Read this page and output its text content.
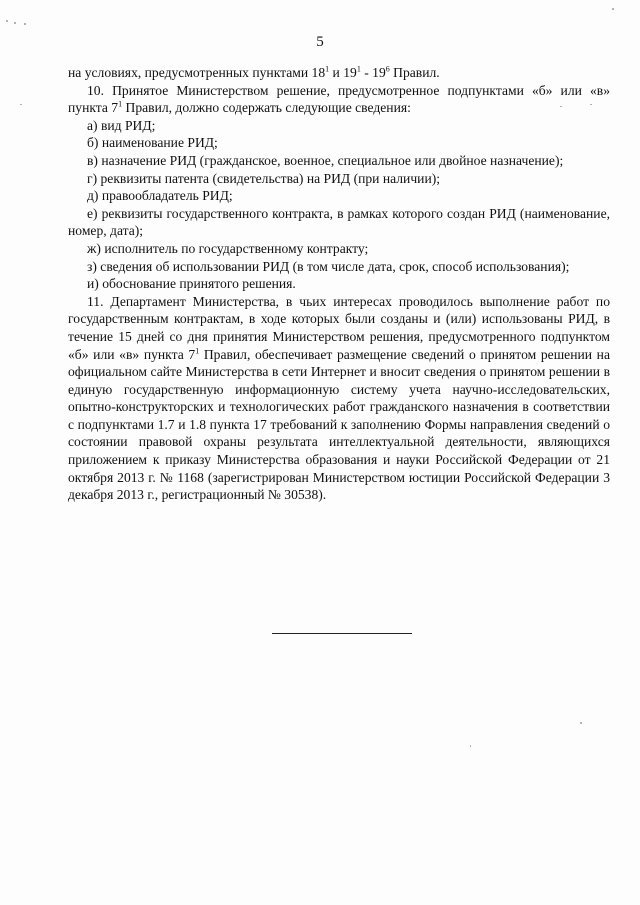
5

на условиях, предусмотренных пунктами $18^1$ и $19^1 - 19^6$ Правил.

10. Принятое Министерством решение, предусмотренное подпунктами «б» или «в» пункта $7^1$ Правил, должно содержать следующие сведения:

а) вид РИД;

б) наименование РИД;

в) назначение РИД (гражданское, военное, специальное или двойное назначение);

г) реквизиты патента (свидетельства) на РИД (при наличии);

д) правообладатель РИД;

е) реквизиты государственного контракта, в рамках которого создан РИД (наименование, номер, дата);

ж) исполнитель по государственному контракту;

з) сведения об использовании РИД (в том числе дата, срок, способ использования);

и) обоснование принятого решения.

11. Департамент Министерства, в чьих интересах проводилось выполнение работ по государственным контрактам, в ходе которых были созданы и (или) использованы РИД, в течение 15 дней со дня принятия Министерством решения, предусмотренного подпунктом «б» или «в» пункта $7^1$ Правил, обеспечивает размещение сведений о принятом решении на официальном сайте Министерства в сети Интернет и вносит сведения о принятом решении в единую государственную информационную систему учета научно-исследовательских, опытно-конструкторских и технологических работ гражданского назначения в соответствии с подпунктами 1.7 и 1.8 пункта 17 требований к заполнению Формы направления сведений о состоянии правовой охраны результата интеллектуальной деятельности, являющихся приложением к приказу Министерства образования и науки Российской Федерации от 21 октября 2013 г. № 1168 (зарегистрирован Министерством юстиции Российской Федерации 3 декабря 2013 г., регистрационный № 30538).
